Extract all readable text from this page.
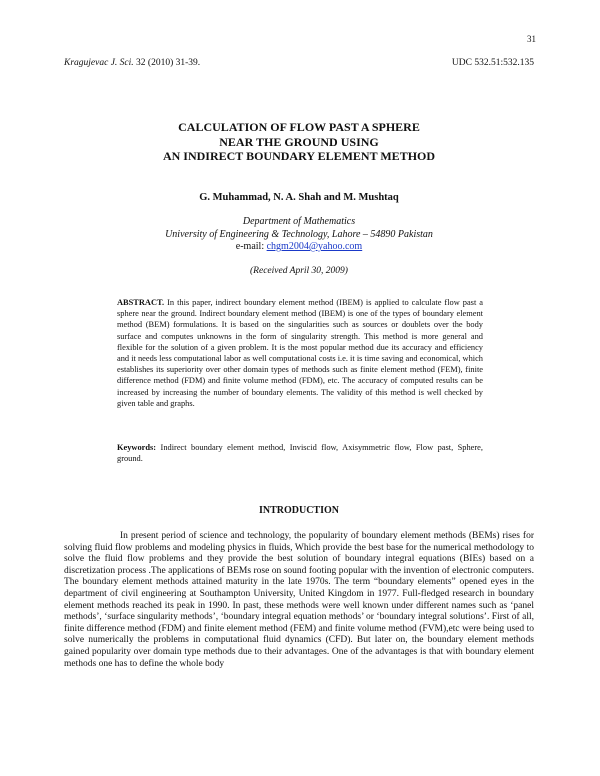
31
Kragujevac J. Sci. 32 (2010) 31-39.	UDC 532.51:532.135
CALCULATION OF FLOW PAST A SPHERE
NEAR THE GROUND USING
AN INDIRECT BOUNDARY ELEMENT METHOD
G. Muhammad, N. A. Shah and M. Mushtaq
Department of Mathematics
University of Engineering & Technology, Lahore – 54890 Pakistan
e-mail: chgm2004@yahoo.com
(Received April 30, 2009)
ABSTRACT. In this paper, indirect boundary element method (IBEM) is applied to calculate flow past a sphere near the ground. Indirect boundary element method (IBEM) is one of the types of boundary element method (BEM) formulations. It is based on the singularities such as sources or doublets over the body surface and computes unknowns in the form of singularity strength. This method is more general and flexible for the solution of a given problem. It is the most popular method due its accuracy and efficiency and it needs less computational labor as well computational costs i.e. it is time saving and economical, which establishes its superiority over other domain types of methods such as finite element method (FEM), finite difference method (FDM) and finite volume method (FDM), etc. The accuracy of computed results can be increased by increasing the number of boundary elements. The validity of this method is well checked by given table and graphs.
Keywords: Indirect boundary element method, Inviscid flow, Axisymmetric flow, Flow past, Sphere, ground.
INTRODUCTION
In present period of science and technology, the popularity of boundary element methods (BEMs) rises for solving fluid flow problems and modeling physics in fluids, Which provide the best base for the numerical methodology to solve the fluid flow problems and they provide the best solution of boundary integral equations (BIEs) based on a discretization process .The applications of BEMs rose on sound footing popular with the invention of electronic computers. The boundary element methods attained maturity in the late 1970s. The term “boundary elements” opened eyes in the department of civil engineering at Southampton University, United Kingdom in 1977. Full-fledged research in boundary element methods reached its peak in 1990. In past, these methods were well known under different names such as ‘panel methods’, ‘surface singularity methods’, ‘boundary integral equation methods’ or ‘boundary integral solutions’. First of all, finite difference method (FDM) and finite element method (FEM) and finite volume method (FVM),etc were being used to solve numerically the problems in computational fluid dynamics (CFD). But later on, the boundary element methods gained popularity over domain type methods due to their advantages. One of the advantages is that with boundary element methods one has to define the whole body
